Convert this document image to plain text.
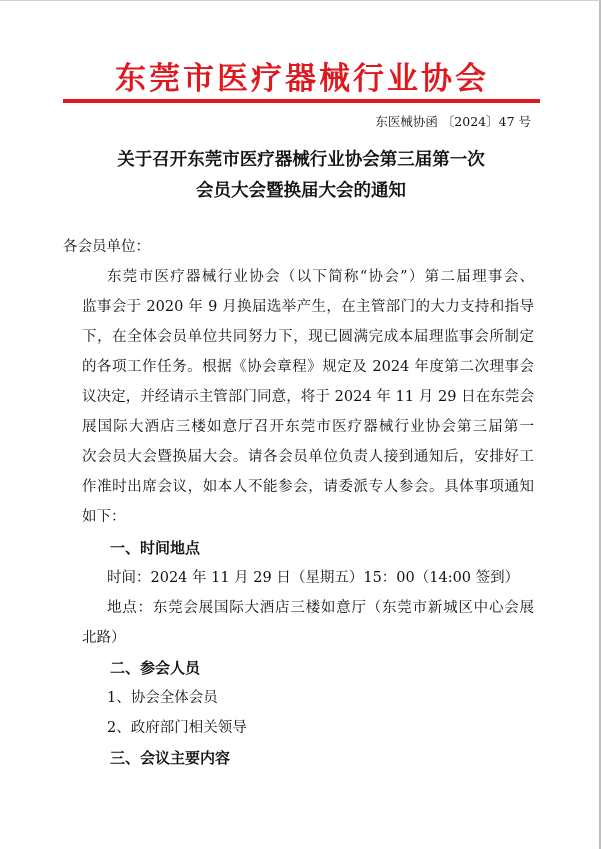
东莞市医疗器械行业协会
东医械协函 〔2024〕47 号
关于召开东莞市医疗器械行业协会第三届第一次
会员大会暨换届大会的通知
各会员单位：
东莞市医疗器械行业协会（以下简称“协会”）第二届理事会、
监事会于 2020 年 9 月换届选举产生，在主管部门的大力支持和指导
下，在全体会员单位共同努力下，现已圆满完成本届理监事会所制定
的各项工作任务。根据《协会章程》规定及 2024 年度第二次理事会
议决定，并经请示主管部门同意，将于 2024 年 11 月 29 日在东莞会
展国际大酒店三楼如意厅召开东莞市医疗器械行业协会第三届第一
次会员大会暨换届大会。请各会员单位负责人接到通知后，安排好工
作准时出席会议，如本人不能参会，请委派专人参会。具体事项通知
如下：
一、时间地点
时间：2024 年 11 月 29 日（星期五）15：00（14:00 签到）
地点：东莞会展国际大酒店三楼如意厅（东莞市新城区中心会展
北路）
二、参会人员
1、协会全体会员
2、政府部门相关领导
三、会议主要内容
